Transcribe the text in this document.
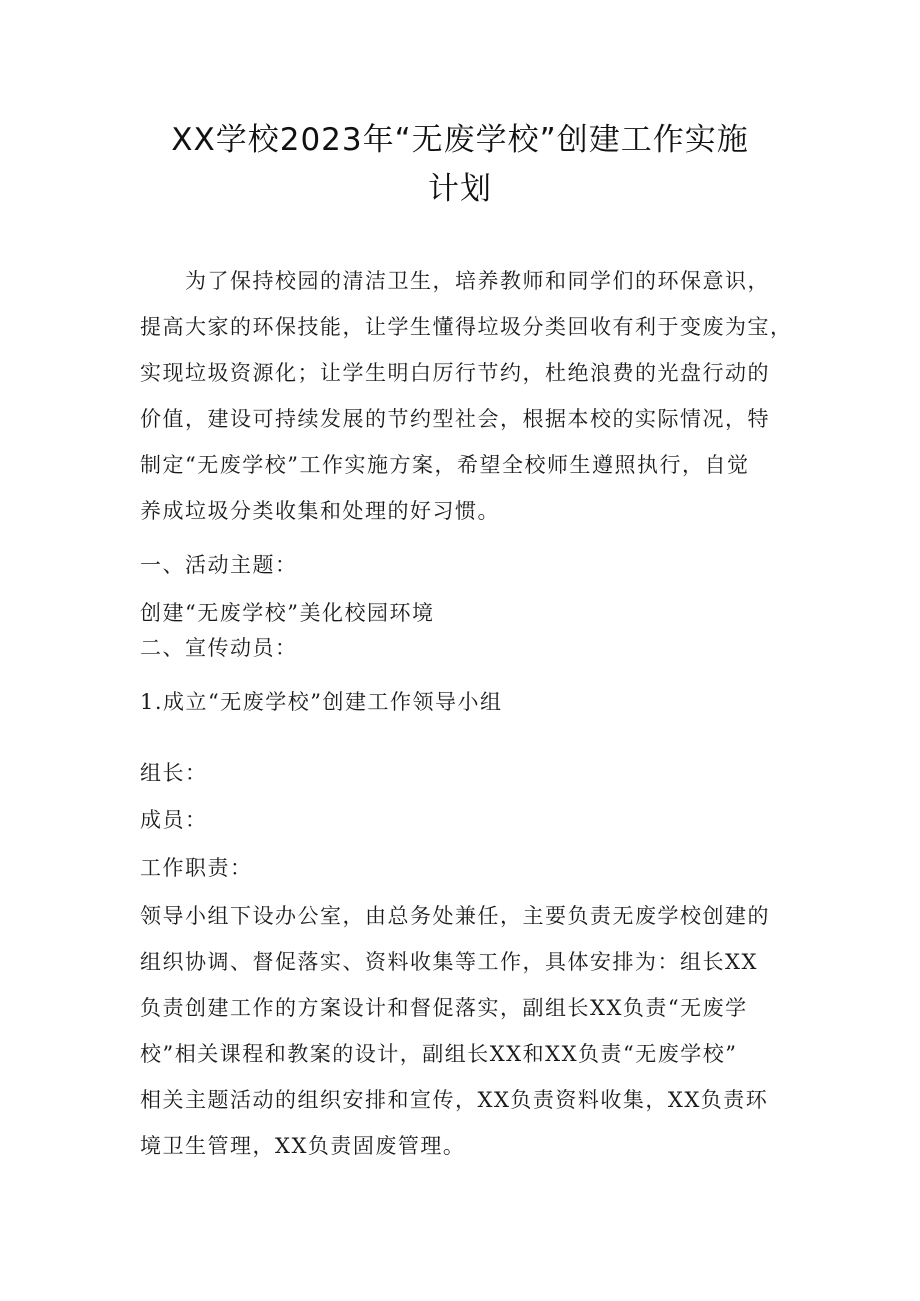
XX学校2023年“无废学校”创建工作实施
计划
　　为了保持校园的清洁卫生，培养教师和同学们的环保意识，
提高大家的环保技能，让学生懂得垃圾分类回收有利于变废为宝，
实现垃圾资源化；让学生明白厉行节约，杜绝浪费的光盘行动的
价值，建设可持续发展的节约型社会，根据本校的实际情况，特
制定“无废学校”工作实施方案，希望全校师生遵照执行，自觉
养成垃圾分类收集和处理的好习惯。
一、活动主题：
创建“无废学校”美化校园环境
二、宣传动员：
1.成立“无废学校”创建工作领导小组
组长：
成员：
工作职责：
领导小组下设办公室，由总务处兼任，主要负责无废学校创建的
组织协调、督促落实、资料收集等工作，具体安排为：组长XX
负责创建工作的方案设计和督促落实，副组长XX负责“无废学
校”相关课程和教案的设计，副组长XX和XX负责“无废学校”
相关主题活动的组织安排和宣传，XX负责资料收集，XX负责环
境卫生管理，XX负责固废管理。
